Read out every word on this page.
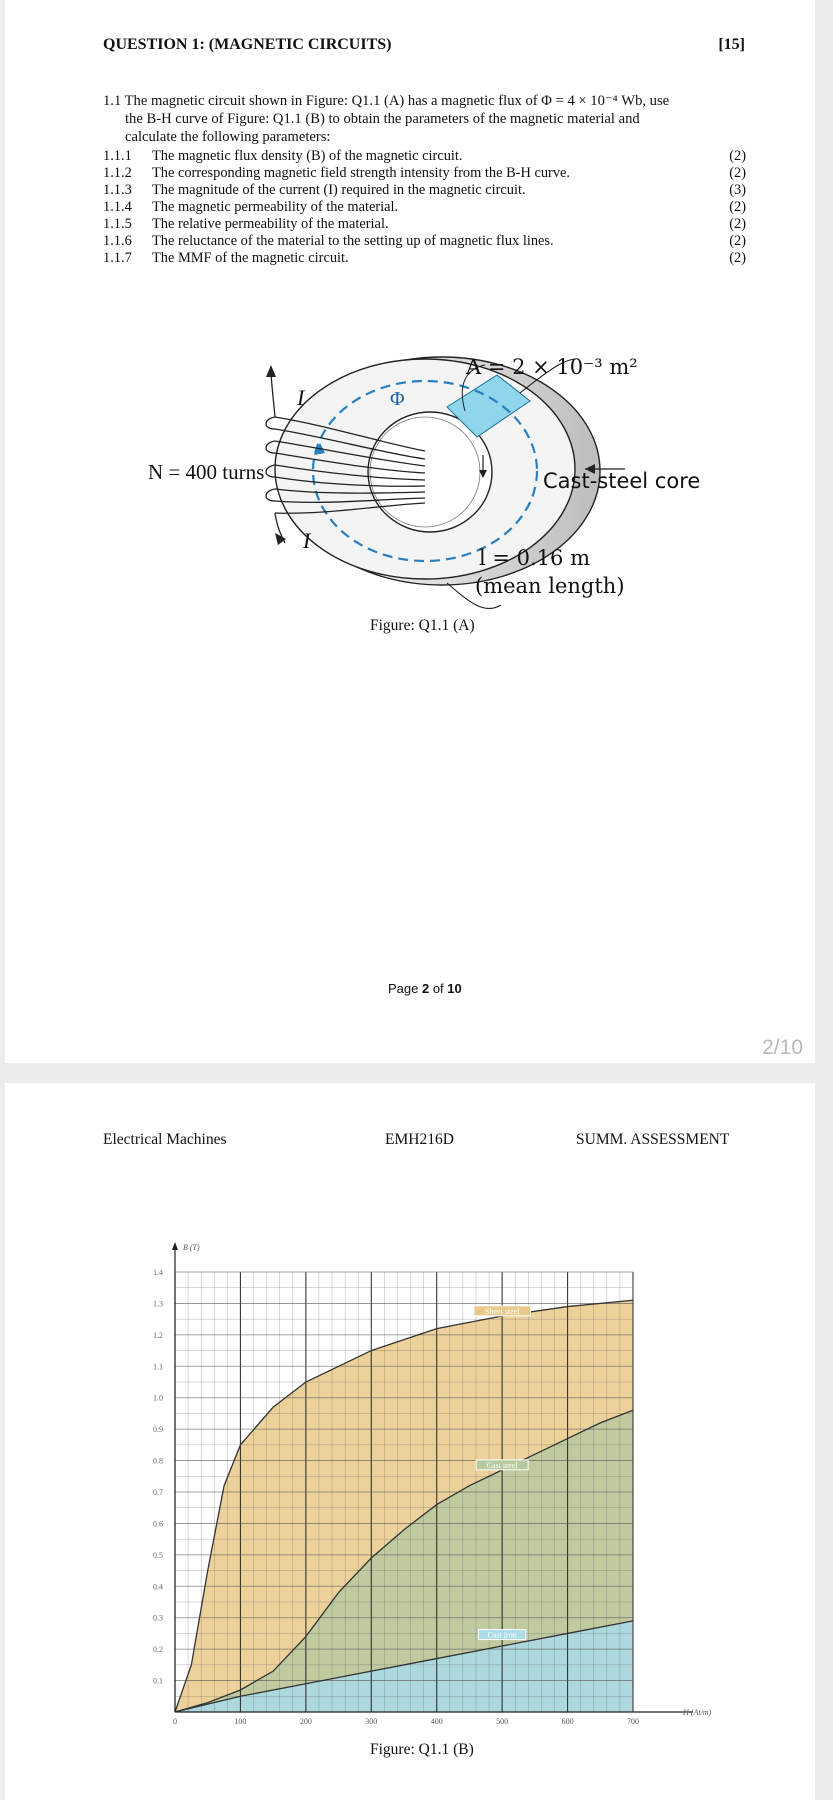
QUESTION 1: (MAGNETIC CIRCUITS)	[15]
1.1 The magnetic circuit shown in Figure: Q1.1 (A) has a magnetic flux of Φ = 4 × 10⁻⁴ Wb, use
the B-H curve of Figure: Q1.1 (B) to obtain the parameters of the magnetic material and
calculate the following parameters:
1.1.1 The magnetic flux density (B) of the magnetic circuit.	(2)
1.1.2 The corresponding magnetic field strength intensity from the B-H curve.	(2)
1.1.3 The magnitude of the current (I) required in the magnetic circuit.	(3)
1.1.4 The magnetic permeability of the material.	(2)
1.1.5 The relative permeability of the material.	(2)
1.1.6 The reluctance of the material to the setting up of magnetic flux lines.	(2)
1.1.7 The MMF of the magnetic circuit.	(2)
A = 2 × 10⁻³ m²
Φ
I
I
N = 400 turns	Cast-steel core
l = 0.16 m
(mean length)
Figure: Q1.1 (A)
Page 2 of 10
2/10
Electrical Machines	EMH216D	SUMM. ASSESSMENT
0	100	200	300	400	500	600	700
0.1
0.2
0.3
0.4
0.5
0.6
0.7
0.8
0.9
1.0
1.1
1.2
1.3
1.4
H (At/m)
B (T)
Sheet steel
Cast steel
Cast iron
Figure: Q1.1 (B)
